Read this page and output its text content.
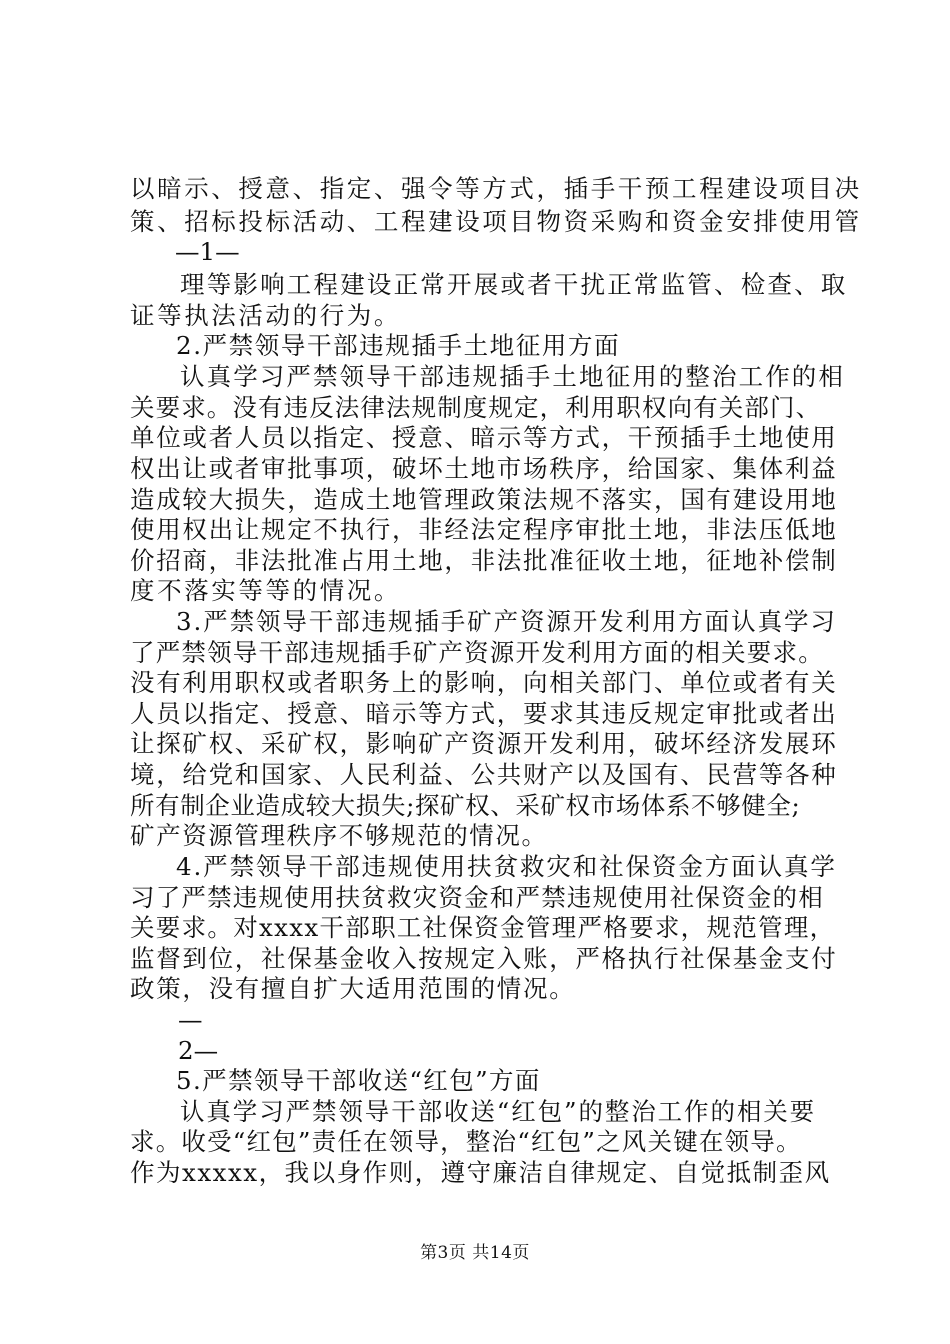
以暗示、授意、指定、强令等方式，插手干预工程建设项目决
策、招标投标活动、工程建设项目物资采购和资金安排使用管
—1—
理等影响工程建设正常开展或者干扰正常监管、检查、取
证等执法活动的行为。
2.严禁领导干部违规插手土地征用方面
认真学习严禁领导干部违规插手土地征用的整治工作的相
关要求。没有违反法律法规制度规定，利用职权向有关部门、
单位或者人员以指定、授意、暗示等方式，干预插手土地使用
权出让或者审批事项，破坏土地市场秩序，给国家、集体利益
造成较大损失，造成土地管理政策法规不落实，国有建设用地
使用权出让规定不执行，非经法定程序审批土地，非法压低地
价招商，非法批准占用土地，非法批准征收土地，征地补偿制
度不落实等等的情况。
3.严禁领导干部违规插手矿产资源开发利用方面认真学习
了严禁领导干部违规插手矿产资源开发利用方面的相关要求。
没有利用职权或者职务上的影响，向相关部门、单位或者有关
人员以指定、授意、暗示等方式，要求其违反规定审批或者出
让探矿权、采矿权，影响矿产资源开发利用，破坏经济发展环
境，给党和国家、人民利益、公共财产以及国有、民营等各种
所有制企业造成较大损失;探矿权、采矿权市场体系不够健全;
矿产资源管理秩序不够规范的情况。
4.严禁领导干部违规使用扶贫救灾和社保资金方面认真学
习了严禁违规使用扶贫救灾资金和严禁违规使用社保资金的相
关要求。对xxxx干部职工社保资金管理严格要求，规范管理，
监督到位，社保基金收入按规定入账，严格执行社保基金支付
政策，没有擅自扩大适用范围的情况。
—
2—
5.严禁领导干部收送“红包”方面
认真学习严禁领导干部收送“红包”的整治工作的相关要
求。收受“红包”责任在领导，整治“红包”之风关键在领导。
作为xxxxx，我以身作则，遵守廉洁自律规定、自觉抵制歪风
第3页 共14页
